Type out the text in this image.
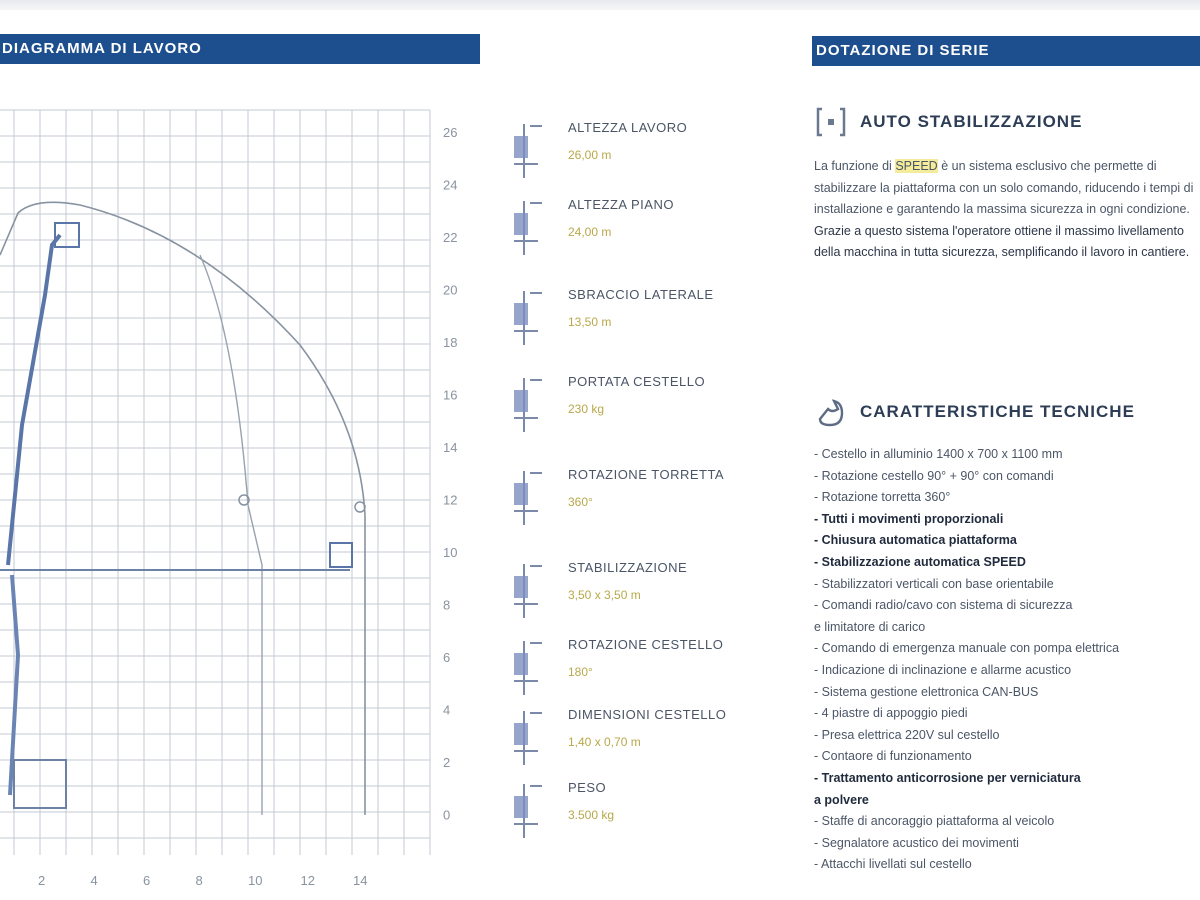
DIAGRAMMA DI LAVORO	DOTAZIONE DI SERIE
26
24
22
20
18
16
14
12
10
8
6
4
2
0
2	4	6	8	10	12	14
ALTEZZA LAVORO
26,00 m
ALTEZZA PIANO
24,00 m
SBRACCIO LATERALE
13,50 m
PORTATA CESTELLO
230 kg
ROTAZIONE TORRETTA
360°
STABILIZZAZIONE
3,50 x 3,50 m
ROTAZIONE CESTELLO
180°
DIMENSIONI CESTELLO
1,40 x 0,70 m
PESO
3.500 kg
AUTO STABILIZZAZIONE
La funzione di SPEED è un sistema esclusivo che permette di stabilizzare la piattaforma con un solo comando, riducendo i tempi di installazione e garantendo la massima sicurezza in ogni condizione.
Grazie a questo sistema l'operatore ottiene il massimo livellamento della macchina in tutta sicurezza, semplificando il lavoro in cantiere.
CARATTERISTICHE TECNICHE
- Cestello in alluminio 1400 x 700 x 1100 mm
- Rotazione cestello 90° + 90° con comandi
- Rotazione torretta 360°
- Tutti i movimenti proporzionali
- Chiusura automatica piattaforma
- Stabilizzazione automatica SPEED
- Stabilizzatori verticali con base orientabile
- Comandi radio/cavo con sistema di sicurezza
e limitatore di carico
- Comando di emergenza manuale con pompa elettrica
- Indicazione di inclinazione e allarme acustico
- Sistema gestione elettronica CAN-BUS
- 4 piastre di appoggio piedi
- Presa elettrica 220V sul cestello
- Contaore di funzionamento
- Trattamento anticorrosione per verniciatura
a polvere
- Staffe di ancoraggio piattaforma al veicolo
- Segnalatore acustico dei movimenti
- Attacchi livellati sul cestello
